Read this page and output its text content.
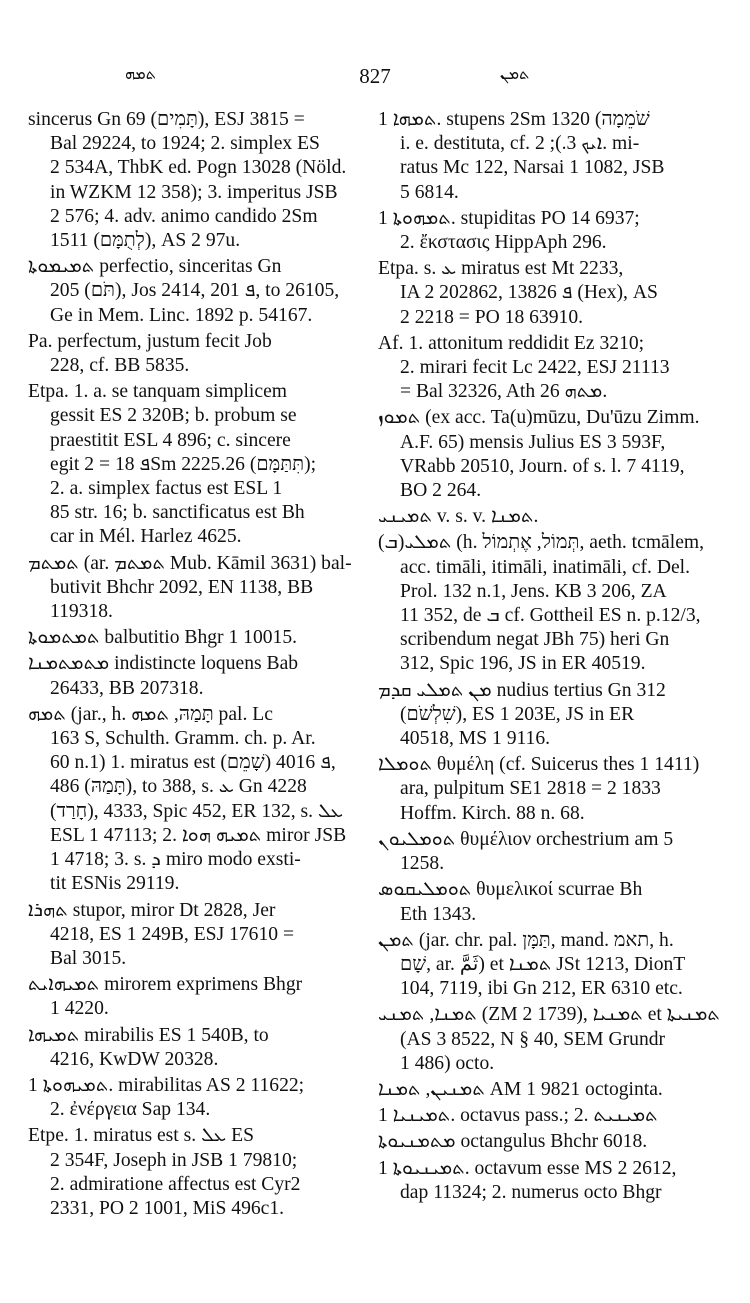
ܬܡܗ	827	ܬܡܢ
sincerus Gn 69 (תָּמִים), ESJ 3815 =
Bal 29224, to 1924; 2. simplex ES
2 534A, ThbK ed. Pogn 13028 (Nöld.
in WZKM 12 358); 3. imperitus JSB
2 576; 4. adv. animo candido 2Sm
1511 (לְתֻמָּם), AS 2 97u.
ܬܡܝܡܘܬܐ perfectio, sinceritas Gn
205 (תֹּם), Jos 2414, ܦ 201, to 26105,
Ge in Mem. Linc. 1892 p. 54167.
Pa. perfectum, justum fecit Job
228, cf. BB 5835.
Etpa. 1. a. se tanquam simplicem
gessit ES 2 320B; b. probum se
praestitit ESL 4 896; c. sincere
egit ܦ 18 = 2Sm 2225.26 (תִּתַּמָּם);
2. a. simplex factus est ESL 1
85 str. 16; b. sanctificatus est Bh
car in Mél. Harlez 4625.
ܬܡܬܡ (ar. ܬܡܬܡ Mub. Kāmil 3631) bal-
butivit Bhchr 2092, EN 1138, BB
119318.
ܬܡܬܡܘܬܐ balbutitio Bhgr 1 10015.
ܡܬܡܬܡܢܐ indistincte loquens Bab
26433, BB 207318.
ܬܡܗ (jar., h. תָּמַהּ, ܬܡܗ pal. Lc
163 S, Schulth. Gramm. ch. p. Ar.
60 n.1) 1. miratus est ܦ 4016 (שָׁמֵם),
486 (תָּמַהּ), to 388, s. ܥ Gn 4228
(חָרַד), 4333, Spic 452, ER 132, s. ܥܠ
ESL 1 47113; 2. ܬܡܝܗ ܗܘܐ miror JSB
1 4718; 3. s. ܕ miro modo exsti-
tit ESNis 29119.
ܬܗܪܐ stupor, miror Dt 2828, Jer
4218, ES 1 249B, ESJ 17610 =
Bal 3015.
ܬܡܝܗܐܝܬ mirorem exprimens Bhgr
1 4220.
ܬܡܝܗܐ mirabilis ES 1 540B, to
4216, KwDW 20328.
ܬܡܝܗܘܬܐ 1. mirabilitas AS 2 11622;
2. ἐνέργεια Sap 134.
Etpe. 1. miratus est s. ܥܠ ES
2 354F, Joseph in JSB 1 79810;
2. admiratione affectus est Cyr2
2331, PO 2 1001, MiS 496c1.
ܬܡܗܐ 1. stupens 2Sm 1320 (שֹׁמֵמָה
i. e. destituta, cf. ܐܝܟ 3.); 2. mi-
ratus Mc 122, Narsai 1 1082, JSB
5 6814.
ܬܡܗܘܬܐ 1. stupiditas PO 14 6937;
2. ἔκστασις HippAph 296.
Etpa. s. ܥ miratus est Mt 2233,
IA 2 202862, ܦ 13826 (Hex), AS
2 2218 = PO 18 63910.
Af. 1. attonitum reddidit Ez 3210;
2. mirari fecit Lc 2422, ESJ 21113
= Bal 32326, Ath ܡܬܗ 26.
ܬܡܘܙ (ex acc. Ta(u)mūzu, Du'ūzu Zimm.
A.F. 65) mensis Julius ES 3 593F,
VRabb 20510, Journ. of s. l. 7 4119,
BO 2 264.
ܬܡܝܢܝ v. s. v. ܬܡܢܐ.
(ܒ)ܬܡܠܝ (h. תְּמוֹל, אֶתְמוֹל, aeth. tcmālem,
acc. timāli, itimāli, inatimāli, cf. Del.
Prol. 132 n.1, Jens. KB 3 206, ZA
11 352, de ܒ cf. Gottheil ES n. p.12/3,
scribendum negat JBh 75) heri Gn
312, Spic 196, JS in ER 40519.
ܡܢ ܬܡܠܝ ܩܕܡ nudius tertius Gn 312
(שִׁלְשֹׁם), ES 1 203E, JS in ER
40518, MS 1 9116.
ܬܘܡܠܐ θυμέλη (cf. Suicerus thes 1 1411)
ara, pulpitum SE1 2818 = 2 1833
Hoffm. Kirch. 88 n. 68.
ܬܘܡܠܝܘܢ θυμέλιον orchestrium am 5
1258.
ܬܘܡܠܝܩܘܣ θυμελικοί scurrae Bh
Eth 1343.
ܬܡܢ (jar. chr. pal. תַּמָּן, mand. תאמ, h.
שָׁם, ar. ثَمَّ) et ܬܡܢܐ JSt 1213, DionT
104, 7119, ibi Gn 212, ER 6310 etc.
ܬܡܢܐ, ܬܡܢܝ (ZM 2 1739), ܬܡܢܝܐ et ܬܡܢܝܬܐ
(AS 3 8522, N § 40, SEM Grundr
1 486) octo.
ܬܡܢܝܢ, ܬܡܢܐ AM 1 9821 octoginta.
ܬܡܝܢܝܐ 1. octavus pass.; 2. ܬܡܝܢܝܬ
ܡܬܡܢܝܘܬܐ octangulus Bhchr 6018.
ܬܡܝܢܝܘܬܐ 1. octavum esse MS 2 2612,
dap 11324; 2. numerus octo Bhgr
